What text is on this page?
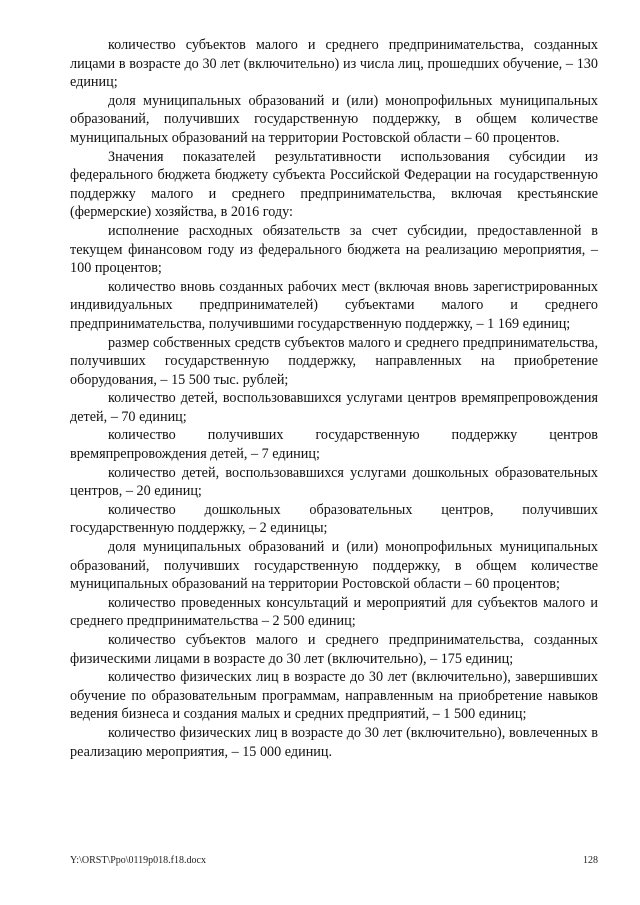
количество субъектов малого и среднего предпринимательства, созданных лицами в возрасте до 30 лет (включительно) из числа лиц, прошедших обучение, – 130 единиц;

доля муниципальных образований и (или) монопрофильных муниципальных образований, получивших государственную поддержку, в общем количестве муниципальных образований на территории Ростовской области – 60 процентов.

Значения показателей результативности использования субсидии из федерального бюджета бюджету субъекта Российской Федерации на государственную поддержку малого и среднего предпринимательства, включая крестьянские (фермерские) хозяйства, в 2016 году:

исполнение расходных обязательств за счет субсидии, предоставленной в текущем финансовом году из федерального бюджета на реализацию мероприятия, – 100 процентов;

количество вновь созданных рабочих мест (включая вновь зарегистрированных индивидуальных предпринимателей) субъектами малого и среднего предпринимательства, получившими государственную поддержку, – 1 169 единиц;

размер собственных средств субъектов малого и среднего предпринимательства, получивших государственную поддержку, направленных на приобретение оборудования, – 15 500 тыс. рублей;

количество детей, воспользовавшихся услугами центров времяпрепровождения детей, – 70 единиц;

количество получивших государственную поддержку центров времяпрепровождения детей, – 7 единиц;

количество детей, воспользовавшихся услугами дошкольных образовательных центров, – 20 единиц;

количество дошкольных образовательных центров, получивших государственную поддержку, – 2 единицы;

доля муниципальных образований и (или) монопрофильных муниципальных образований, получивших государственную поддержку, в общем количестве муниципальных образований на территории Ростовской области – 60 процентов;

количество проведенных консультаций и мероприятий для субъектов малого и среднего предпринимательства – 2 500 единиц;

количество субъектов малого и среднего предпринимательства, созданных физическими лицами в возрасте до 30 лет (включительно), – 175 единиц;

количество физических лиц в возрасте до 30 лет (включительно), завершивших обучение по образовательным программам, направленным на приобретение навыков ведения бизнеса и создания малых и средних предприятий, – 1 500 единиц;

количество физических лиц в возрасте до 30 лет (включительно), вовлеченных в реализацию мероприятия, – 15 000 единиц.

Y:\ORST\Ppo\0119p018.f18.docx	128
